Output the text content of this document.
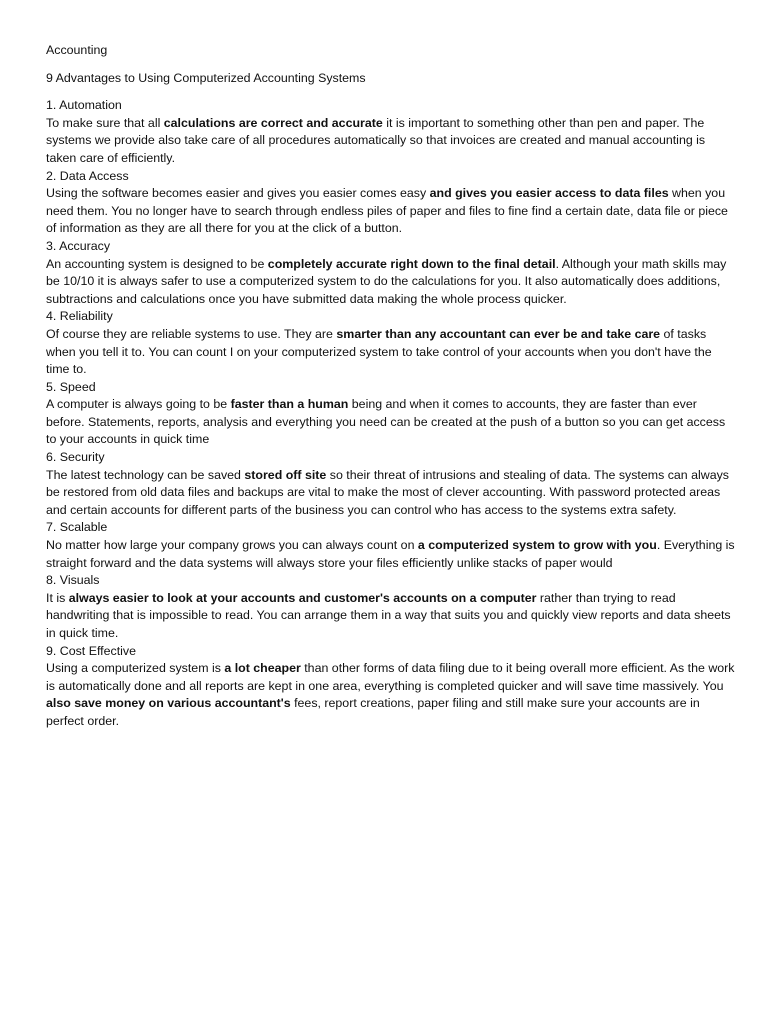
Accounting

9 Advantages to Using Computerized Accounting Systems

1. Automation

To make sure that all calculations are correct and accurate it is important to something other than pen and paper. The systems we provide also take care of all procedures automatically so that invoices are created and manual accounting is taken care of efficiently.

2. Data Access

Using the software becomes easier and gives you easier comes easy and gives you easier access to data files when you need them. You no longer have to search through endless piles of paper and files to fine find a certain date, data file or piece of information as they are all there for you at the click of a button.

3. Accuracy

An accounting system is designed to be completely accurate right down to the final detail. Although your math skills may be 10/10 it is always safer to use a computerized system to do the calculations for you. It also automatically does additions, subtractions and calculations once you have submitted data making the whole process quicker.

4. Reliability

Of course they are reliable systems to use. They are smarter than any accountant can ever be and take care of tasks when you tell it to. You can count I on your computerized system to take control of your accounts when you don't have the time to.

5. Speed

A computer is always going to be faster than a human being and when it comes to accounts, they are faster than ever before. Statements, reports, analysis and everything you need can be created at the push of a button so you can get access to your accounts in quick time

6. Security

The latest technology can be saved stored off site so their threat of intrusions and stealing of data. The systems can always be restored from old data files and backups are vital to make the most of clever accounting. With password protected areas and certain accounts for different parts of the business you can control who has access to the systems extra safety.

7. Scalable

No matter how large your company grows you can always count on a computerized system to grow with you. Everything is straight forward and the data systems will always store your files efficiently unlike stacks of paper would

8. Visuals

It is always easier to look at your accounts and customer's accounts on a computer rather than trying to read handwriting that is impossible to read. You can arrange them in a way that suits you and quickly view reports and data sheets in quick time.

9. Cost Effective

Using a computerized system is a lot cheaper than other forms of data filing due to it being overall more efficient. As the work is automatically done and all reports are kept in one area, everything is completed quicker and will save time massively. You also save money on various accountant's fees, report creations, paper filing and still make sure your accounts are in perfect order.
